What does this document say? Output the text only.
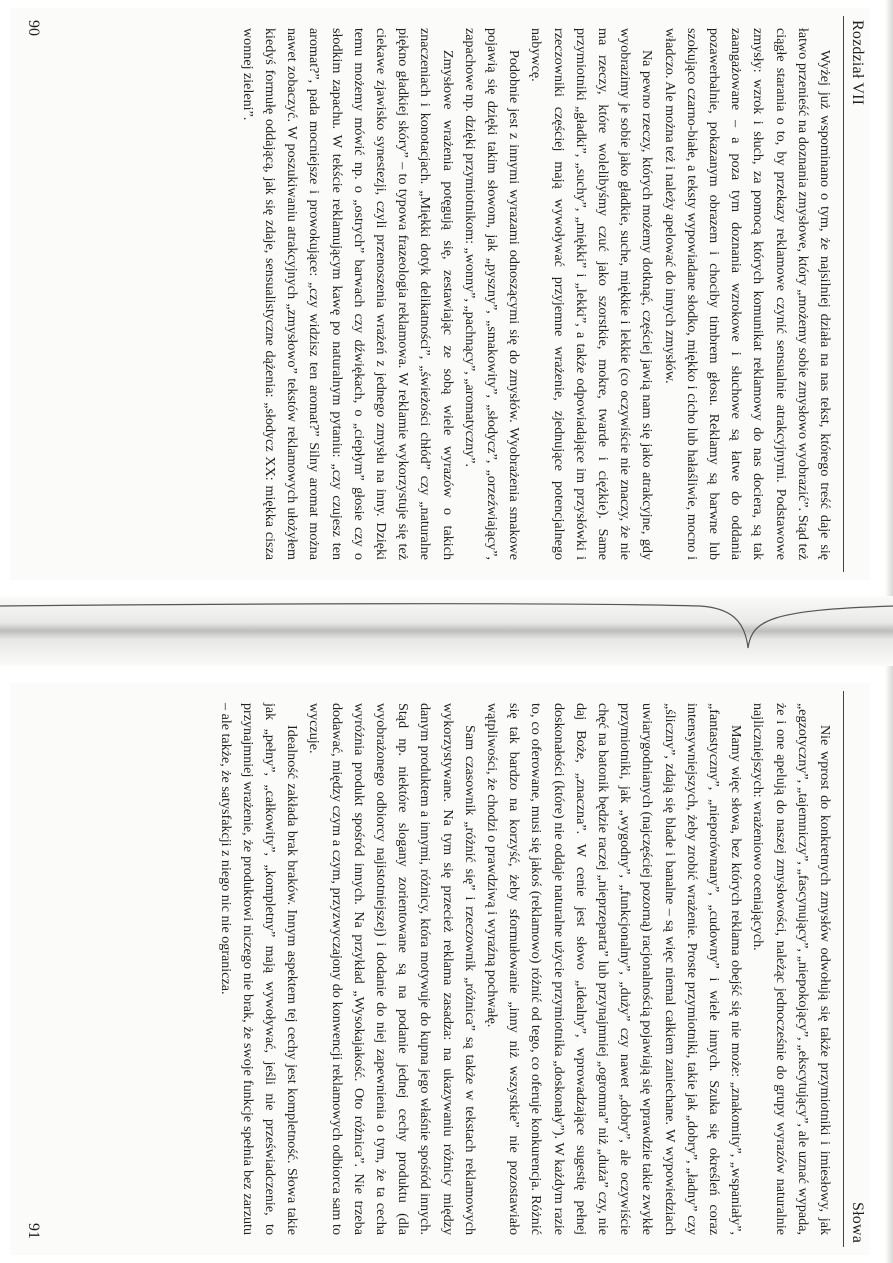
Rozdział VII

Wyżej już wspominano o tym, że najsilniej działa na nas tekst, którego treść daje się łatwo przenieść na doznania zmysłowe, który „możemy sobie zmysłowo wyobrazić”. Stąd też ciągłe starania o to, by przekazy reklamowe czynić sensualnie atrakcyjnymi. Podstawowe zmysły: wzrok i słuch, za pomocą których komunikat reklamowy do nas dociera, są tak zaangażowane – a poza tym doznania wzrokowe i słuchowe są łatwe do oddania pozawerbalnie, pokazanym obrazem i chociby timbrem głosu. Reklamy są barwne lub szokująco czarno-białe, a teksty wypowiadane słodko, miękko i cicho lub hałaśliwie, mocno i władczo. Ale można też i należy apelować do innych zmysłów.

Na pewno rzeczy, których możemy dotknąć, częściej jawią nam się jako atrakcyjne, gdy wyobrazimy je sobie jako gładkie, suche, miękkie i lekkie (co oczywiście nie znaczy, że nie ma rzeczy, które wolelibyśmy czuć jako szorstkie, mokre, twarde i ciężkie). Same przymiotniki „gładki”, „suchy”, „miękki” i „lekki”, a także odpowiadające im przysłówki i rzeczowniki częściej mają wywoływać przyjemne wrażenie, zjednujące potencjalnego nabywcę.

Podobnie jest z innymi wyrazami odnoszącymi się do zmysłów. Wyobrażenia smakowe pojawią się dzięki takim słowom, jak „pyszny”, „smakowity”, „słodycz”, „orzeźwiający”, zapachowe np. dzięki przymiotnikom: „wonny”, „pachnący”, „aromatyczny”.

Zmysłowe wrażenia potęgują się, zestawiając ze sobą wiele wyrazów o takich znaczeniach i konotacjach. „Miękki dotyk delikatności”, „świeżości chłód” czy „naturalne piękno gładkiej skóry” – to typowa frazeologia reklamowa. W reklamie wykorzystuje się też ciekawe zjawisko synestezji, czyli przenoszenia wrażeń z jednego zmysłu na inny. Dzięki temu możemy mówić np. o „ostrych” barwach czy dźwiękach, o „ciepłym” głosie czy o słodkim zapachu. W tekście reklamującym kawę po naturalnym pytaniu: „czy czujesz ten aromat?”, pada mocniejsze i prowokujące: „czy widzisz ten aromat?” Silny aromat można nawet zobaczyć. W poszukiwaniu atrakcyjnych „zmysłowo” tekstów reklamowych ułożyłem kiedyś formułę oddającą, jak się zdaje, sensualistyczne dążenia: „słodycz XX: miękka cisza wonnej zieleni”.

90
Słowa

Nie wprost do konkretnych zmysłów odwołują się także przymiotniki i imiesłowy, jak „egzotyczny”, „tajemniczy”, „fascynujący”, „niepokojący”, „ekscytujący”, ale uznać wypada, że i one apelują do naszej zmysłowości, należąc jednocześnie do grupy wyrazów naturalnie najliczniejszych: wrażeniowo oceniających.

Mamy więc słowa, bez których reklama obejść się nie może: „znakomity”, „wspaniały”, „fantastyczny”, „nieporównany”, „cudowny” i wiele innych. Szuka się określeń coraz intensywniejszych, żeby zrobić wrażenie. Proste przymiotniki, takie jak „dobry”, „ładny” czy „śliczny”, zdają się blade i banalne – są więc niemal całkiem zaniechane. W wypowiedziach uwiarygodnianych (najczęściej pozorną) racjonalnością pojawiają się wprawdzie takie zwykłe przymiotniki, jak „wygodny”, „funkcjonalny”, „duży” czy nawet „dobry”, ale oczywiście chęć na batonik będzie raczej „nieprzeparta” lub przynajmniej „ogromna” niż „duża” czy, nie daj Boże, „znaczna”. W cenie jest słowo „idealny”, wprowadzające sugestię pełnej doskonałości (które) nie oddaje naturalne użycie przymiotnika „doskonały”). W każdym razie to, co oferowane, musi się jakoś (reklamowo) różnić od tego, co oferuje konkurencja. Różnić się tak bardzo na korzyść, żeby sformułowanie „inny niż wszystkie” nie pozostawiało wątpliwości, że chodzi o prawdziwą i wyraźną pochwałę.

Sam czasownik „różnić się” i rzeczownik „różnica” są także w tekstach reklamowych wykorzystywane. Na tym się przecież reklama zasadza: na ukazywaniu różnicy między danym produktem a innymi, różnicy, która motywuje do kupna jego właśnie spośród innych. Stąd np. niektóre slogany zorientowane są na podanie jednej cechy produktu (dla wyobrażonego odbiorcy najistotniejszej) i dodanie do niej zapewnienia o tym, że ta cecha wyróżnia produkt spośród innych. Na przykład „Wysokajakość. Oto różnica”. Nie trzeba dodawać, między czym a czym, przyzwyczajony do konwencji reklamowych odbiorca sam to wyczuje.

Idealność zakłada brak braków. Innym aspektem tej cechy jest kompletność. Słowa takie jak „pełny”, „całkowity”, „kompletny” mają wywoływać, jeśli nie przeświadczenie, to przynajmniej wrażenie, że produktowi niczego nie brak, że swoje funkcje spełnia bez zarzutu – ale także, że satysfakcji z niego nic nie ogranicza.

91
